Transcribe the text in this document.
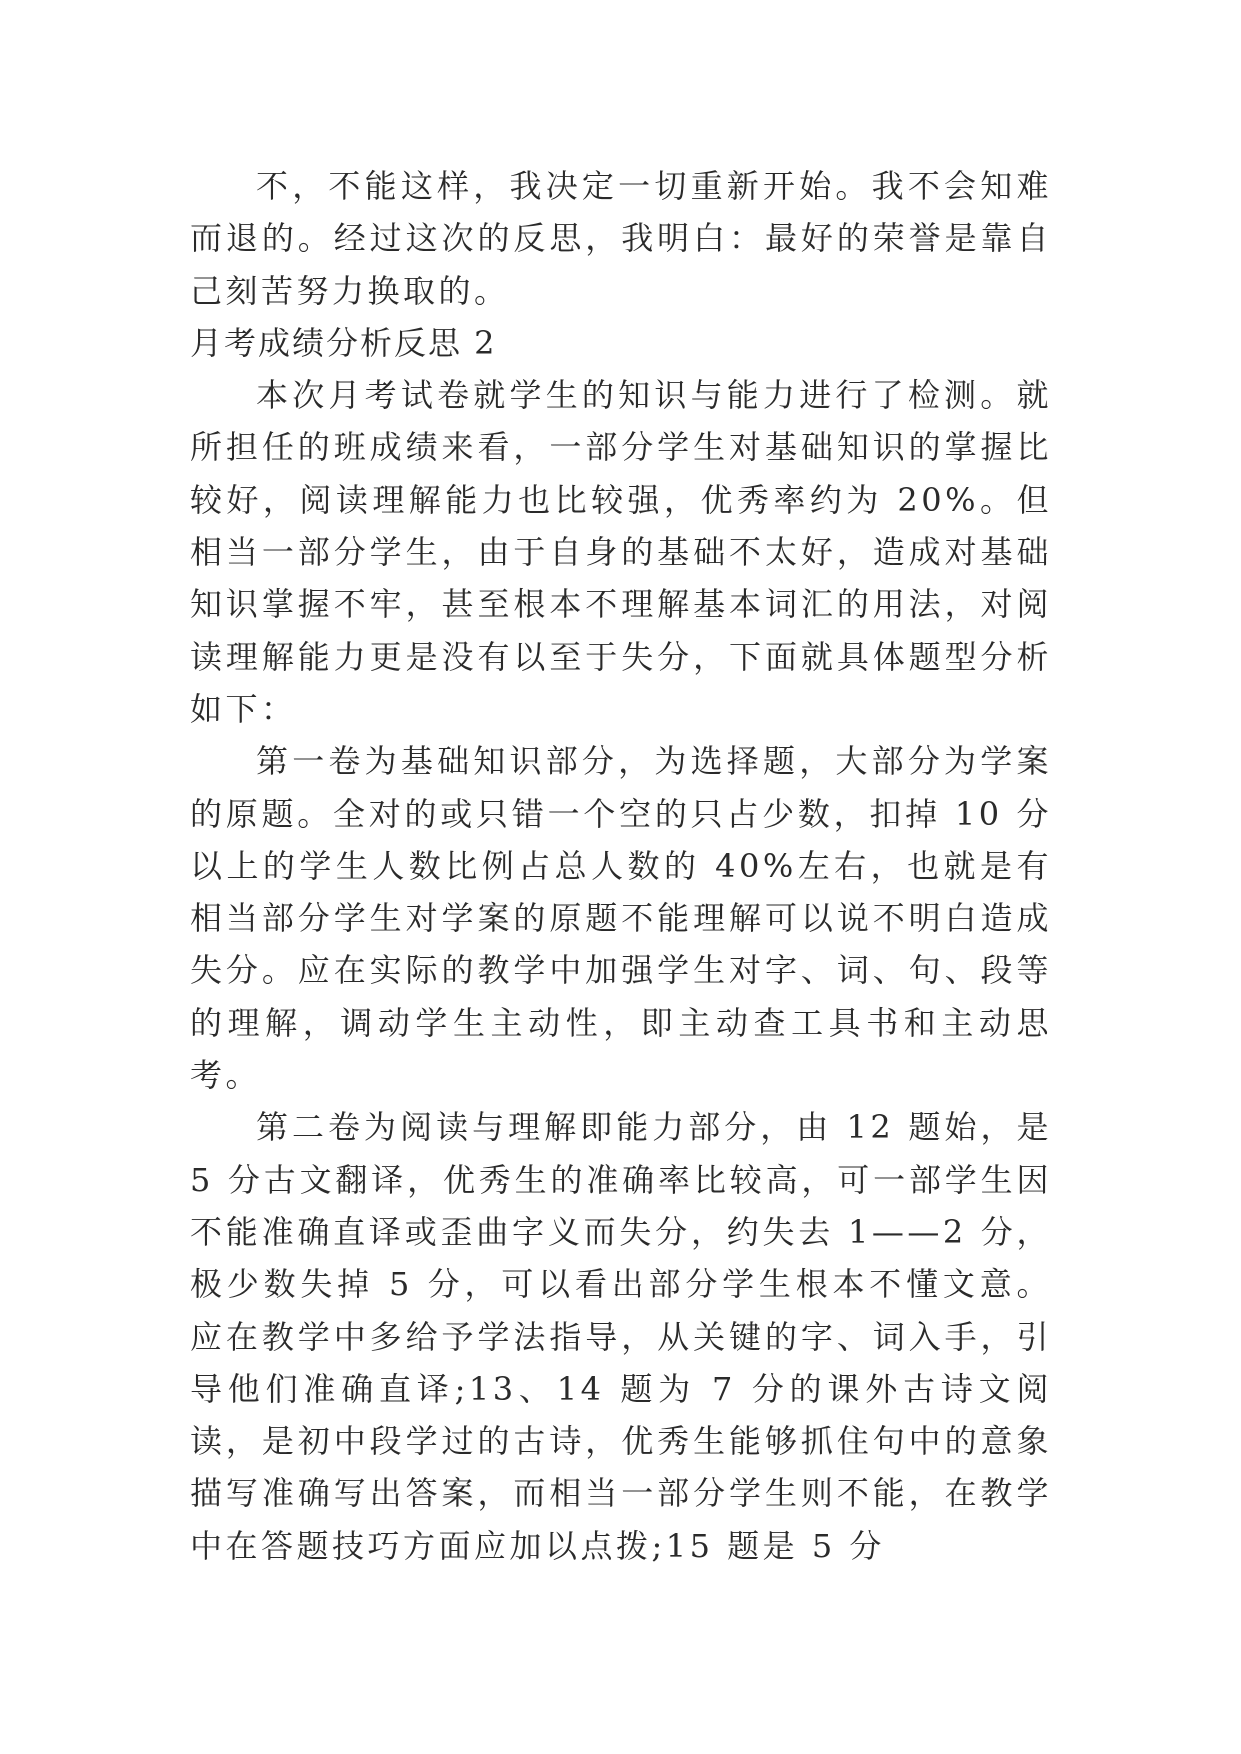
不，不能这样，我决定一切重新开始。我不会知难而退的。经过这次的反思，我明白：最好的荣誉是靠自己刻苦努力换取的。

月考成绩分析反思 2

本次月考试卷就学生的知识与能力进行了检测。就所担任的班成绩来看，一部分学生对基础知识的掌握比较好，阅读理解能力也比较强，优秀率约为 20%。但相当一部分学生，由于自身的基础不太好，造成对基础知识掌握不牢，甚至根本不理解基本词汇的用法，对阅读理解能力更是没有以至于失分，下面就具体题型分析如下：

第一卷为基础知识部分，为选择题，大部分为学案的原题。全对的或只错一个空的只占少数，扣掉 10 分以上的学生人数比例占总人数的 40%左右，也就是有相当部分学生对学案的原题不能理解可以说不明白造成失分。应在实际的教学中加强学生对字、词、句、段等的理解，调动学生主动性，即主动查工具书和主动思考。

第二卷为阅读与理解即能力部分，由 12 题始，是 5 分古文翻译，优秀生的准确率比较高，可一部学生因不能准确直译或歪曲字义而失分，约失去 1——2 分，极少数失掉 5 分，可以看出部分学生根本不懂文意。应在教学中多给予学法指导，从关键的字、词入手，引导他们准确直译;13、14 题为 7 分的课外古诗文阅读，是初中段学过的古诗，优秀生能够抓住句中的意象描写准确写出答案，而相当一部分学生则不能，在教学中在答题技巧方面应加以点拨;15 题是 5 分
